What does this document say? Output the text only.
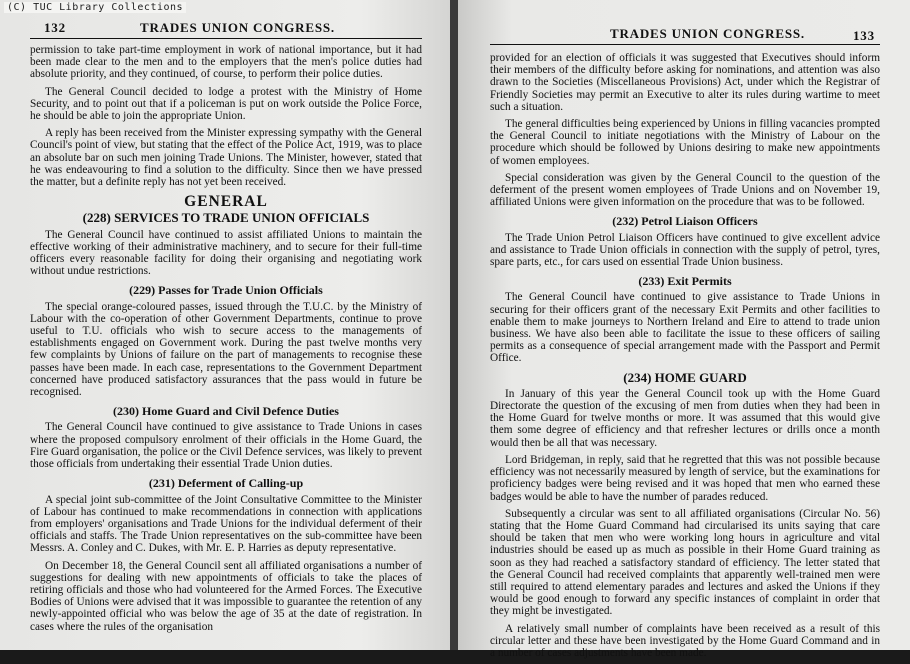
132	TRADES UNION CONGRESS.

permission to take part-time employment in work of national importance, but it had been made clear to the men and to the employers that the men's police duties had absolute priority, and they continued, of course, to perform their police duties.

The General Council decided to lodge a protest with the Ministry of Home Security, and to point out that if a policeman is put on work outside the Police Force, he should be able to join the appropriate Union.

A reply has been received from the Minister expressing sympathy with the General Council's point of view, but stating that the effect of the Police Act, 1919, was to place an absolute bar on such men joining Trade Unions. The Minister, however, stated that he was endeavouring to find a solution to the difficulty. Since then we have pressed the matter, but a definite reply has not yet been received.

GENERAL
(228) SERVICES TO TRADE UNION OFFICIALS

The General Council have continued to assist affiliated Unions to maintain the effective working of their administrative machinery, and to secure for their full-time officers every reasonable facility for doing their organising and negotiating work without undue restrictions.

(229) Passes for Trade Union Officials

The special orange-coloured passes, issued through the T.U.C. by the Ministry of Labour with the co-operation of other Government Departments, continue to prove useful to T.U. officials who wish to secure access to the managements of establishments engaged on Government work. During the past twelve months very few complaints by Unions of failure on the part of managements to recognise these passes have been made. In each case, representations to the Government Department concerned have produced satisfactory assurances that the pass would in future be recognised.

(230) Home Guard and Civil Defence Duties

The General Council have continued to give assistance to Trade Unions in cases where the proposed compulsory enrolment of their officials in the Home Guard, the Fire Guard organisation, the police or the Civil Defence services, was likely to prevent those officials from undertaking their essential Trade Union duties.

(231) Deferment of Calling-up

A special joint sub-committee of the Joint Consultative Committee to the Minister of Labour has continued to make recommendations in connection with applications from employers' organisations and Trade Unions for the individual deferment of their officials and staffs. The Trade Union representatives on the sub-committee have been Messrs. A. Conley and C. Dukes, with Mr. E. P. Harries as deputy representative.

On December 18, the General Council sent all affiliated organisations a number of suggestions for dealing with new appointments of officials to take the places of retiring officials and those who had volunteered for the Armed Forces. The Executive Bodies of Unions were advised that it was impossible to guarantee the retention of any newly-appointed official who was below the age of 35 at the date of registration. In cases where the rules of the organisation

TRADES UNION CONGRESS.	133

provided for an election of officials it was suggested that Executives should inform their members of the difficulty before asking for nominations, and attention was also drawn to the Societies (Miscellaneous Provisions) Act, under which the Registrar of Friendly Societies may permit an Executive to alter its rules during wartime to meet such a situation.

The general difficulties being experienced by Unions in filling vacancies prompted the General Council to initiate negotiations with the Ministry of Labour on the procedure which should be followed by Unions desiring to make new appointments of women employees.

Special consideration was given by the General Council to the question of the deferment of the present women employees of Trade Unions and on November 19, affiliated Unions were given information on the procedure that was to be followed.

(232) Petrol Liaison Officers

The Trade Union Petrol Liaison Officers have continued to give excellent advice and assistance to Trade Union officials in connection with the supply of petrol, tyres, spare parts, etc., for cars used on essential Trade Union business.

(233) Exit Permits

The General Council have continued to give assistance to Trade Unions in securing for their officers grant of the necessary Exit Permits and other facilities to enable them to make journeys to Northern Ireland and Eire to attend to trade union business. We have also been able to facilitate the issue to these officers of sailing permits as a consequence of special arrangement made with the Passport and Permit Office.

(234) HOME GUARD

In January of this year the General Council took up with the Home Guard Directorate the question of the excusing of men from duties when they had been in the Home Guard for twelve months or more. It was assumed that this would give them some degree of efficiency and that refresher lectures or drills once a month would then be all that was necessary.

Lord Bridgeman, in reply, said that he regretted that this was not possible because efficiency was not necessarily measured by length of service, but the examinations for proficiency badges were being revised and it was hoped that men who earned these badges would be able to have the number of parades reduced.

Subsequently a circular was sent to all affiliated organisations (Circular No. 56) stating that the Home Guard Command had circularised its units saying that care should be taken that men who were working long hours in agriculture and vital industries should be eased up as much as possible in their Home Guard training as soon as they had reached a satisfactory standard of efficiency. The letter stated that the General Council had received complaints that apparently well-trained men were still required to attend elementary parades and lectures and asked the Unions if they would be good enough to forward any specific instances of complaint in order that they might be investigated.

A relatively small number of complaints have been received as a result of this circular letter and these have been investigated by the Home Guard Command and in a number of cases adjustments have been made.

(C) TUC Library Collections
